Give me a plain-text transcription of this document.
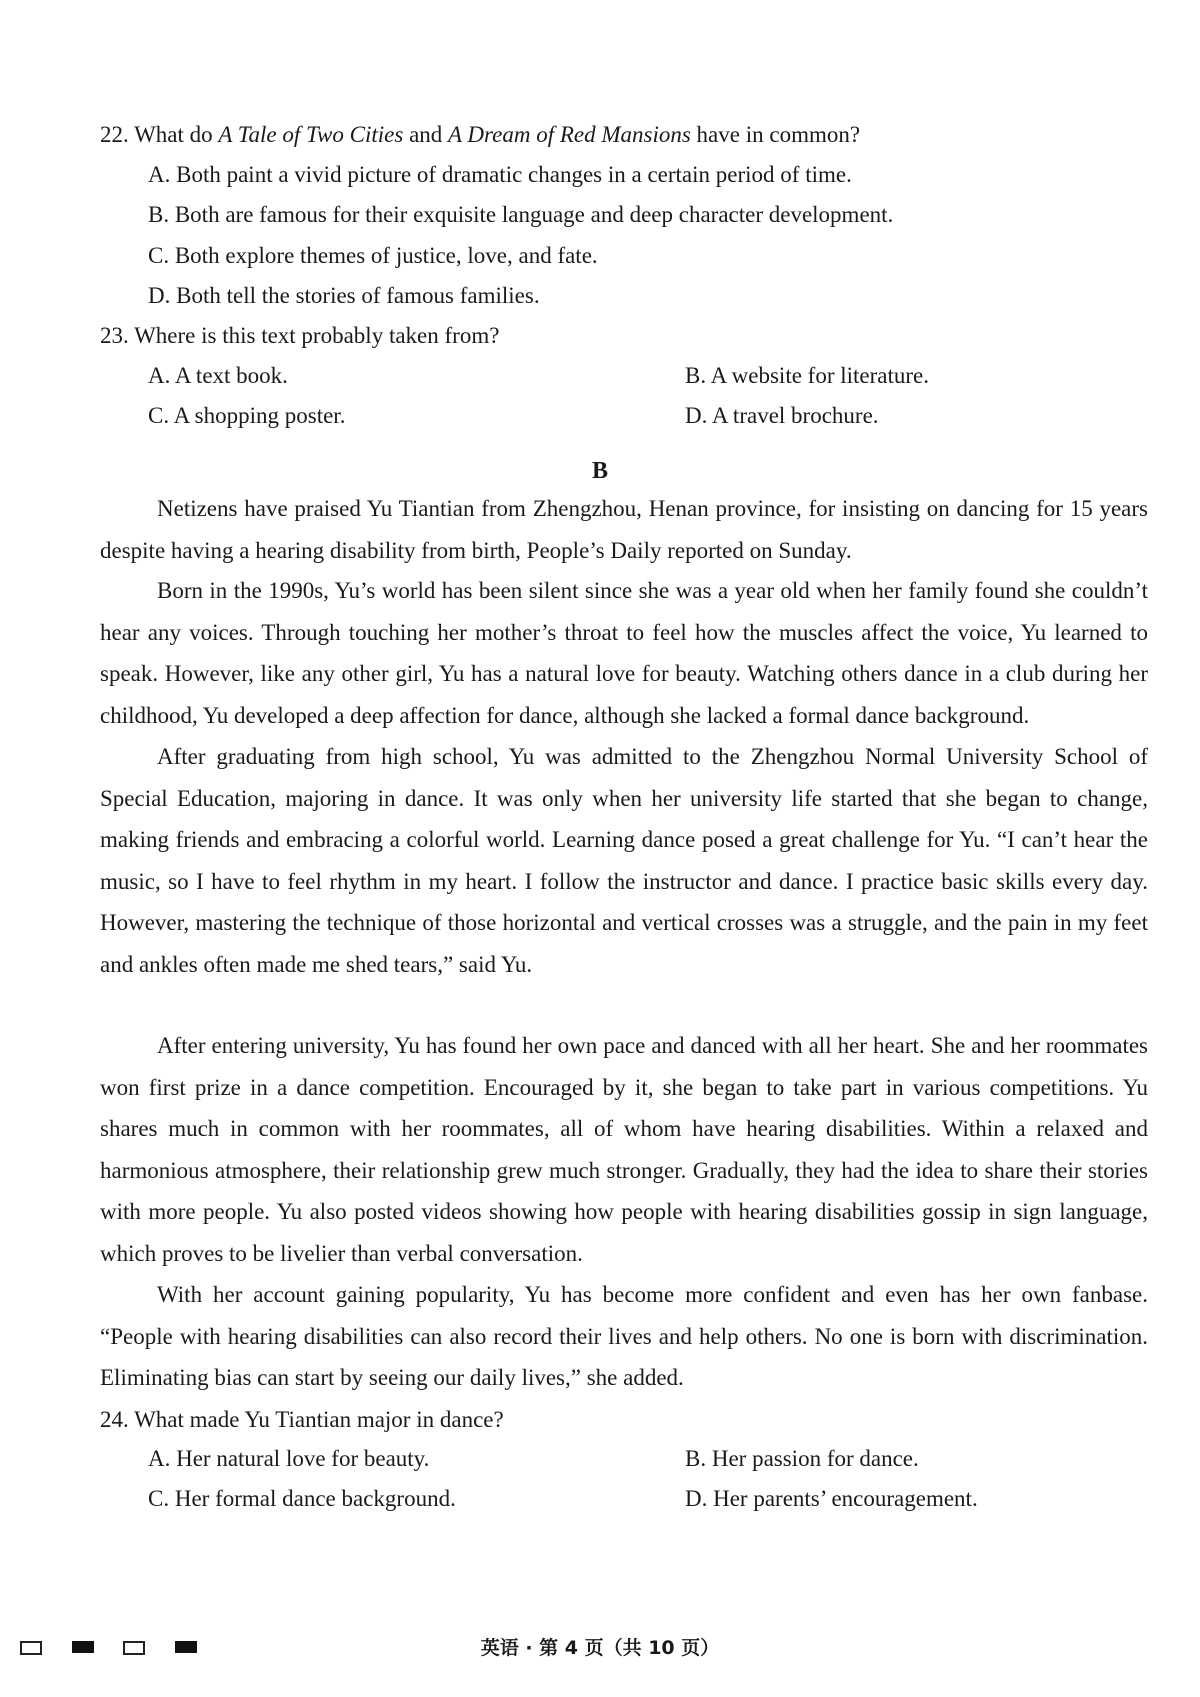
22. What do A Tale of Two Cities and A Dream of Red Mansions have in common?
A. Both paint a vivid picture of dramatic changes in a certain period of time.
B. Both are famous for their exquisite language and deep character development.
C. Both explore themes of justice, love, and fate.
D. Both tell the stories of famous families.
23. Where is this text probably taken from?
A. A text book.	B. A website for literature.
C. A shopping poster.	D. A travel brochure.
B

Netizens have praised Yu Tiantian from Zhengzhou, Henan province, for insisting on dancing for 15 years despite having a hearing disability from birth, People’s Daily reported on Sunday.

Born in the 1990s, Yu’s world has been silent since she was a year old when her family found she couldn’t hear any voices. Through touching her mother’s throat to feel how the muscles affect the voice, Yu learned to speak. However, like any other girl, Yu has a natural love for beauty. Watching others dance in a club during her childhood, Yu developed a deep affection for dance, although she lacked a formal dance background.

After graduating from high school, Yu was admitted to the Zhengzhou Normal University School of Special Education, majoring in dance. It was only when her university life started that she began to change, making friends and embracing a colorful world. Learning dance posed a great challenge for Yu. “I can’t hear the music, so I have to feel rhythm in my heart. I follow the instructor and dance. I practice basic skills every day. However, mastering the technique of those horizontal and vertical crosses was a struggle, and the pain in my feet and ankles often made me shed tears,” said Yu.

After entering university, Yu has found her own pace and danced with all her heart. She and her roommates won first prize in a dance competition. Encouraged by it, she began to take part in various competitions. Yu shares much in common with her roommates, all of whom have hearing disabilities. Within a relaxed and harmonious atmosphere, their relationship grew much stronger. Gradually, they had the idea to share their stories with more people. Yu also posted videos showing how people with hearing disabilities gossip in sign language, which proves to be livelier than verbal conversation.

With her account gaining popularity, Yu has become more confident and even has her own fanbase. “People with hearing disabilities can also record their lives and help others. No one is born with discrimination. Eliminating bias can start by seeing our daily lives,” she added.

24. What made Yu Tiantian major in dance?
A. Her natural love for beauty.	B. Her passion for dance.
C. Her formal dance background.	D. Her parents’ encouragement.
英语 · 第 4 页（共 10 页）
